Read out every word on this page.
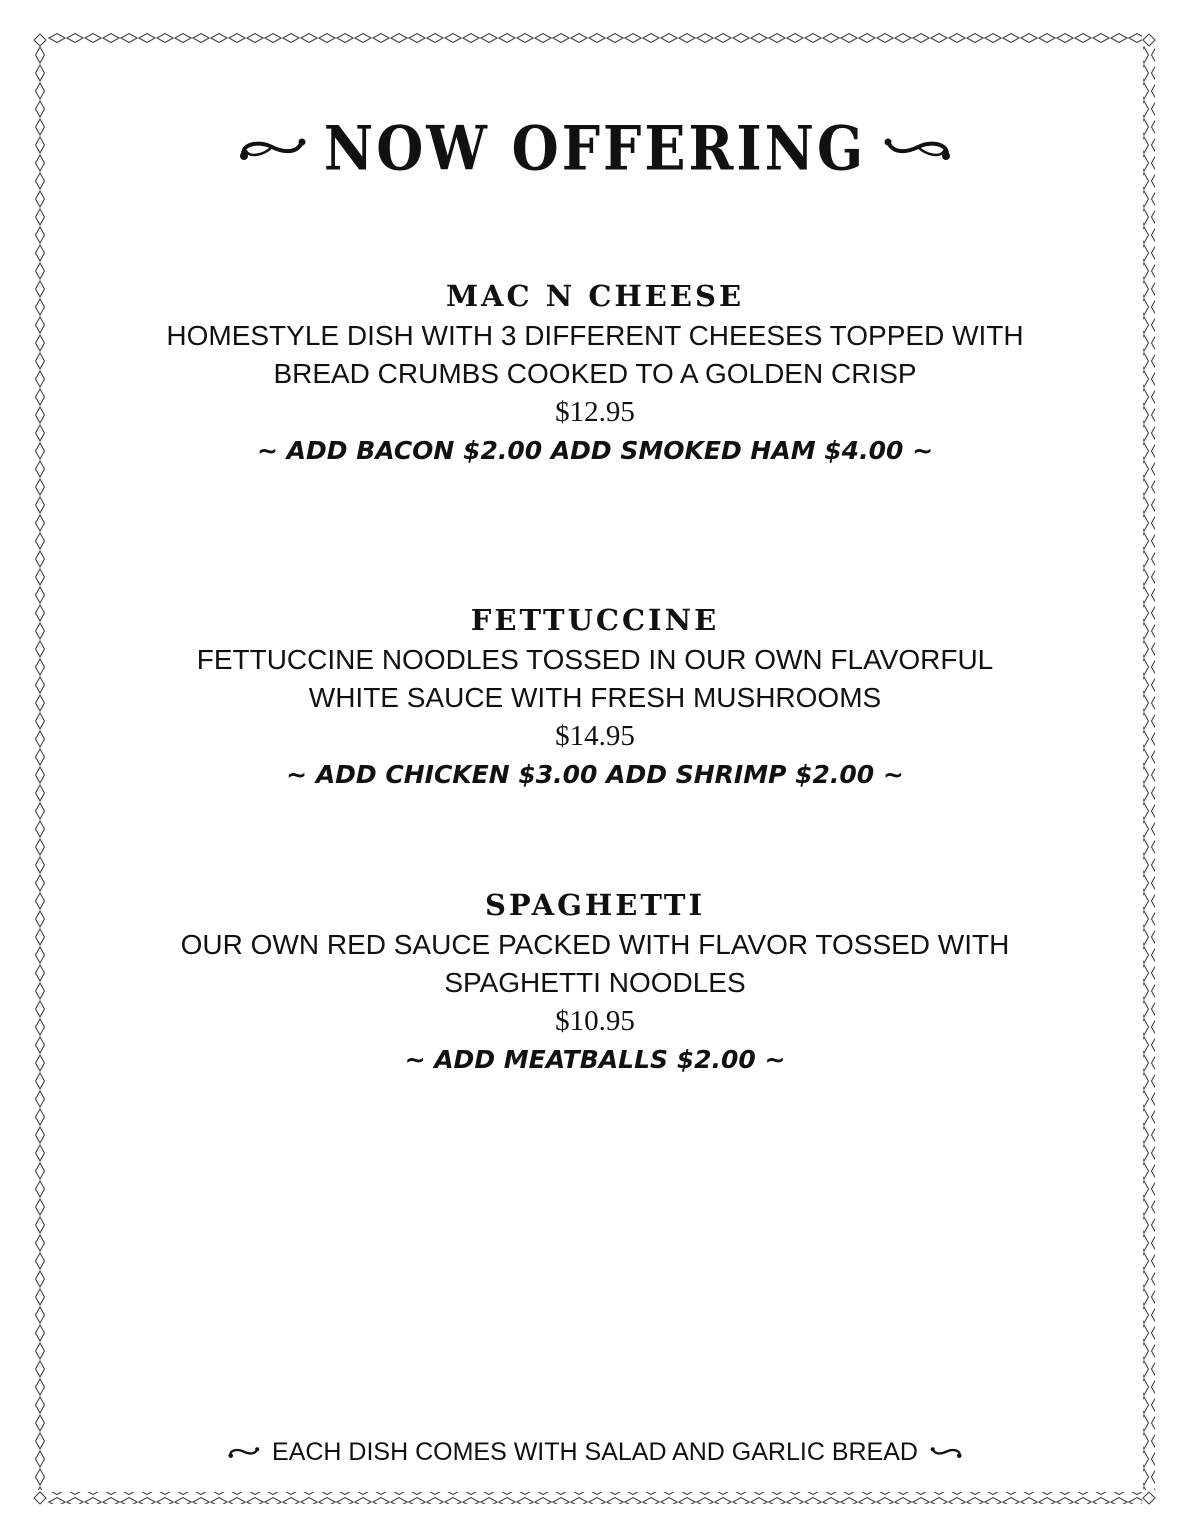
NOW OFFERING
MAC N CHEESE
HOMESTYLE DISH WITH 3 DIFFERENT CHEESES TOPPED WITH BREAD CRUMBS COOKED TO A GOLDEN CRISP
$12.95
~ ADD BACON $2.00 ADD SMOKED HAM $4.00 ~
FETTUCCINE
FETTUCCINE NOODLES TOSSED IN OUR OWN FLAVORFUL WHITE SAUCE WITH FRESH MUSHROOMS
$14.95
~ ADD CHICKEN $3.00 ADD SHRIMP $2.00 ~
SPAGHETTI
OUR OWN RED SAUCE PACKED WITH FLAVOR TOSSED WITH SPAGHETTI NOODLES
$10.95
~ ADD MEATBALLS $2.00 ~
EACH DISH COMES WITH SALAD AND GARLIC BREAD
